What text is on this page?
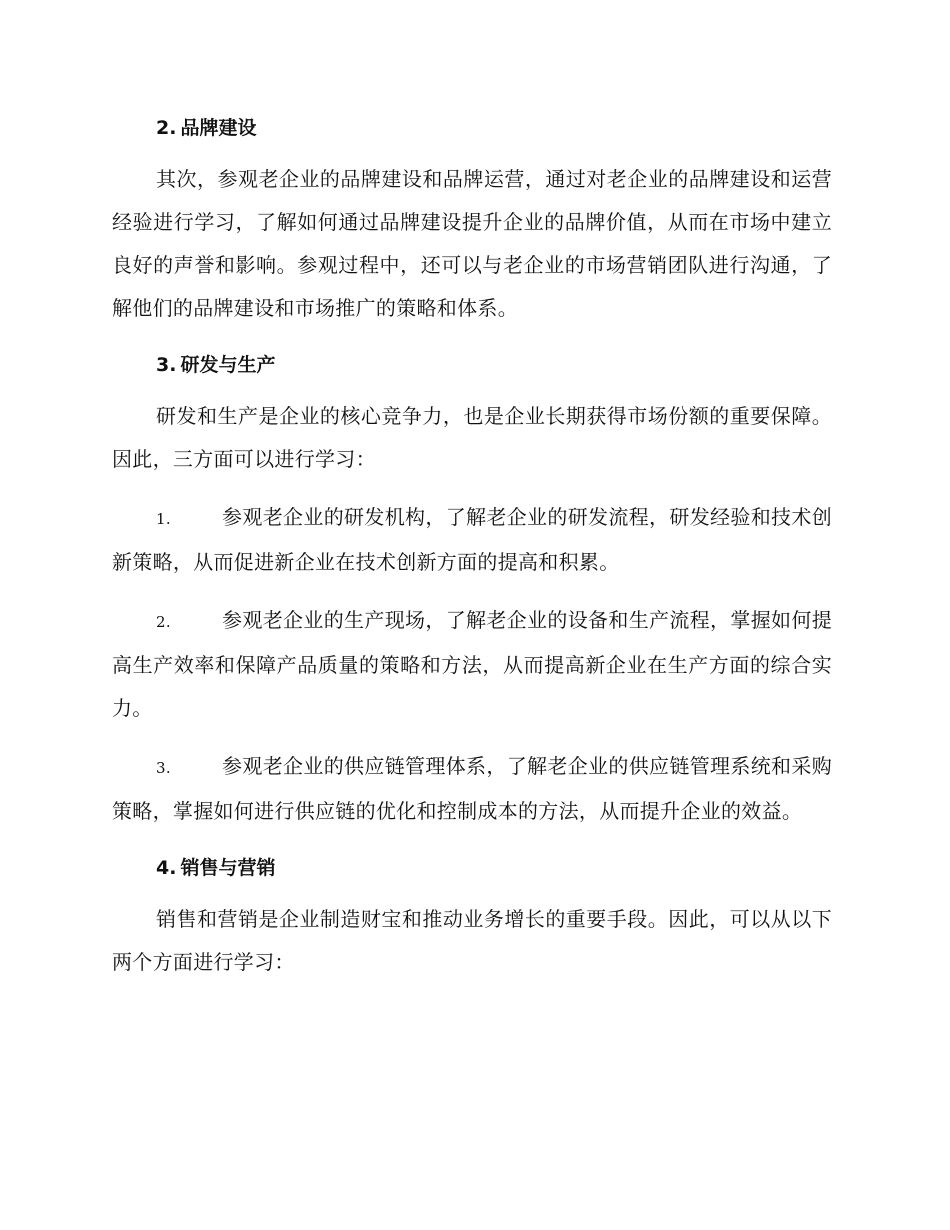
2. 品牌建设

其次，参观老企业的品牌建设和品牌运营，通过对老企业的品牌建设和运营经验进行学习，了解如何通过品牌建设提升企业的品牌价值，从而在市场中建立良好的声誉和影响。参观过程中，还可以与老企业的市场营销团队进行沟通，了解他们的品牌建设和市场推广的策略和体系。

3. 研发与生产

研发和生产是企业的核心竞争力，也是企业长期获得市场份额的重要保障。因此，三方面可以进行学习：

1.	参观老企业的研发机构，了解老企业的研发流程，研发经验和技术创新策略，从而促进新企业在技术创新方面的提高和积累。

2.	参观老企业的生产现场，了解老企业的设备和生产流程，掌握如何提高生产效率和保障产品质量的策略和方法，从而提高新企业在生产方面的综合实力。

3.	参观老企业的供应链管理体系，了解老企业的供应链管理系统和采购策略，掌握如何进行供应链的优化和控制成本的方法，从而提升企业的效益。

4. 销售与营销

销售和营销是企业制造财宝和推动业务增长的重要手段。因此，可以从以下两个方面进行学习：
